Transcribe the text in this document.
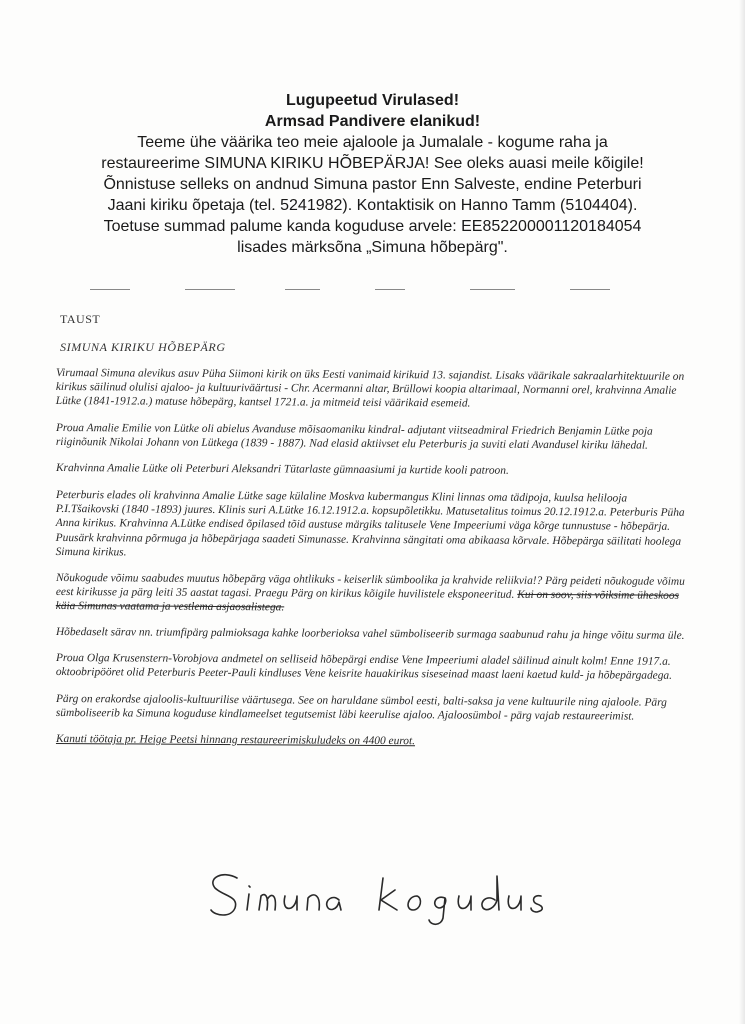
Lugupeetud Virulased!
Armsad Pandivere elanikud!
Teeme ühe väärika teo meie ajaloole ja Jumalale - kogume raha ja
restaureerime SIMUNA KIRIKU HÕBEPÄRJA! See oleks auasi meile kõigile!
Õnnistuse selleks on andnud Simuna pastor Enn Salveste, endine Peterburi
Jaani kiriku õpetaja (tel. 5241982). Kontaktisik on Hanno Tamm (5104404).
Toetuse summad palume kanda koguduse arvele: EE852200001120184054
lisades märksõna „Simuna hõbepärg".
TAUST
SIMUNA KIRIKU HÕBEPÄRG

Virumaal Simuna alevikus asuv Püha Siimoni kirik on üks Eesti vanimaid kirikuid 13. sajandist. Lisaks väärikale sakraalarhitektuurile on kirikus säilinud olulisi ajaloo- ja kultuuriväärtusi - Chr. Acermanni altar, Brüllowi koopia altarimaal, Normanni orel, krahvinna Amalie Lütke (1841-1912.a.) matuse hõbepärg, kantsel 1721.a. ja mitmeid teisi väärikaid esemeid.

Proua Amalie Emilie von Lütke oli abielus Avanduse mõisaomaniku kindral- adjutant viitseadmiral Friedrich Benjamin Lütke poja riiginõunik Nikolai Johann von Lütkega (1839 - 1887). Nad elasid aktiivset elu Peterburis ja suviti elati Avandusel kiriku lähedal.

Krahvinna Amalie Lütke oli Peterburi Aleksandri Tütarlaste gümnaasiumi ja kurtide kooli patroon.

Peterburis elades oli krahvinna Amalie Lütke sage külaline Moskva kubermangus Klini linnas oma tädipoja, kuulsa helilooja P.I.Tšaikovski (1840 -1893) juures. Klinis suri A.Lütke 16.12.1912.a. kopsupõletikku. Matusetalitus toimus 20.12.1912.a. Peterburis Püha Anna kirikus. Krahvinna A.Lütke endised õpilased tõid austuse märgiks talitusele Vene Impeeriumi väga kõrge tunnustuse - hõbepärja. Puusärk krahvinna põrmuga ja hõbepärjaga saadeti Simunasse. Krahvinna sängitati oma abikaasa kõrvale. Hõbepärga säilitati hoolega Simuna kirikus.

Nõukogude võimu saabudes muutus hõbepärg väga ohtlikuks - keiserlik sümboolika ja krahvide reliikvia!? Pärg peideti nõukogude võimu eest kirikusse ja pärg leiti 35 aastat tagasi. Praegu Pärg on kirikus kõigile huvilistele eksponeeritud. Kui on soov, siis võiksime üheskoos käia Simunas vaatama ja vestlema asjaosalistega.

Hõbedaselt särav nn. triumfipärg palmioksaga kahke loorberioksa vahel sümboliseerib surmaga saabunud rahu ja hinge võitu surma üle.

Proua Olga Krusenstern-Vorobjova andmetel on selliseid hõbepärgi endise Vene Impeeriumi aladel säilinud ainult kolm! Enne 1917.a. oktoobripööret olid Peterburis Peeter-Pauli kindluses Vene keisrite hauakirikus siseseinad maast laeni kaetud kuld- ja hõbepärgadega.

Pärg on erakordse ajaloolis-kultuurilise väärtusega. See on haruldane sümbol eesti, balti-saksa ja vene kultuurile ning ajaloole. Pärg sümboliseerib ka Simuna koguduse kindlameelset tegutsemist läbi keerulise ajaloo. Ajaloosümbol - pärg vajab restaureerimist.

Kanuti töötaja pr. Heige Peetsi hinnang restaureerimiskuludeks on 4400 eurot.
